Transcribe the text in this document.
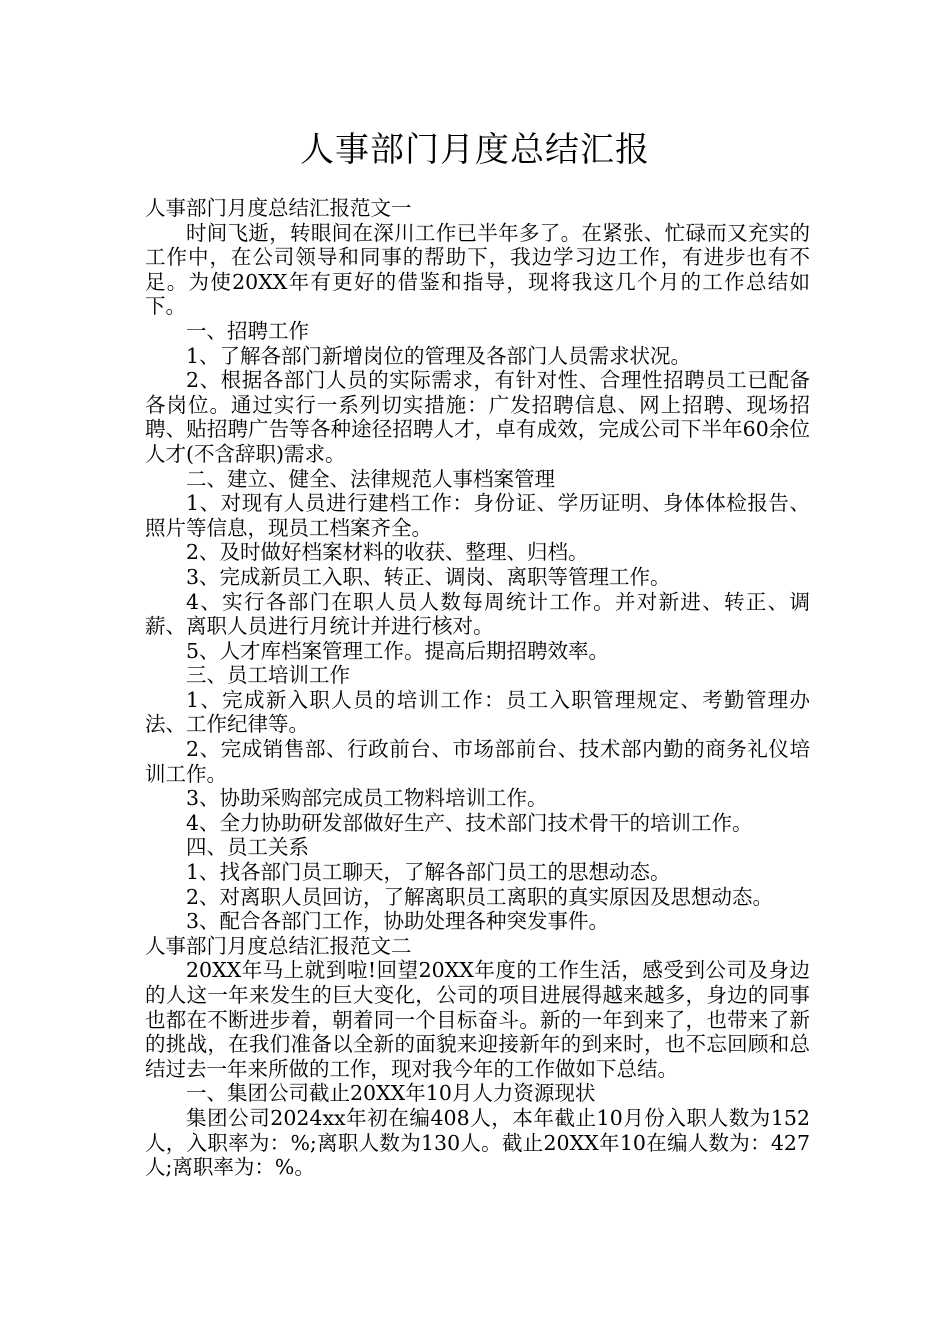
人事部门月度总结汇报

人事部门月度总结汇报范文一

时间飞逝，转眼间在深川工作已半年多了。在紧张、忙碌而又充实的工作中，在公司领导和同事的帮助下，我边学习边工作，有进步也有不足。为使20XX年有更好的借鉴和指导，现将我这几个月的工作总结如下。

一、招聘工作

1、了解各部门新增岗位的管理及各部门人员需求状况。

2、根据各部门人员的实际需求，有针对性、合理性招聘员工已配备各岗位。通过实行一系列切实措施：广发招聘信息、网上招聘、现场招聘、贴招聘广告等各种途径招聘人才，卓有成效，完成公司下半年60余位人才(不含辞职)需求。

二、建立、健全、法律规范人事档案管理

1、对现有人员进行建档工作：身份证、学历证明、身体体检报告、照片等信息，现员工档案齐全。

2、及时做好档案材料的收获、整理、归档。

3、完成新员工入职、转正、调岗、离职等管理工作。

4、实行各部门在职人员人数每周统计工作。并对新进、转正、调薪、离职人员进行月统计并进行核对。

5、人才库档案管理工作。提高后期招聘效率。

三、员工培训工作

1、完成新入职人员的培训工作：员工入职管理规定、考勤管理办法、工作纪律等。

2、完成销售部、行政前台、市场部前台、技术部内勤的商务礼仪培训工作。

3、协助采购部完成员工物料培训工作。

4、全力协助研发部做好生产、技术部门技术骨干的培训工作。

四、员工关系

1、找各部门员工聊天，了解各部门员工的思想动态。

2、对离职人员回访，了解离职员工离职的真实原因及思想动态。

3、配合各部门工作，协助处理各种突发事件。

人事部门月度总结汇报范文二

20XX年马上就到啦!回望20XX年度的工作生活，感受到公司及身边的人这一年来发生的巨大变化，公司的项目进展得越来越多，身边的同事也都在不断进步着，朝着同一个目标奋斗。新的一年到来了，也带来了新的挑战，在我们准备以全新的面貌来迎接新年的到来时，也不忘回顾和总结过去一年来所做的工作，现对我今年的工作做如下总结。

一、集团公司截止20XX年10月人力资源现状

集团公司2024xx年初在编408人，本年截止10月份入职人数为152人，入职率为：%;离职人数为130人。截止20XX年10在编人数为：427人;离职率为：%。
